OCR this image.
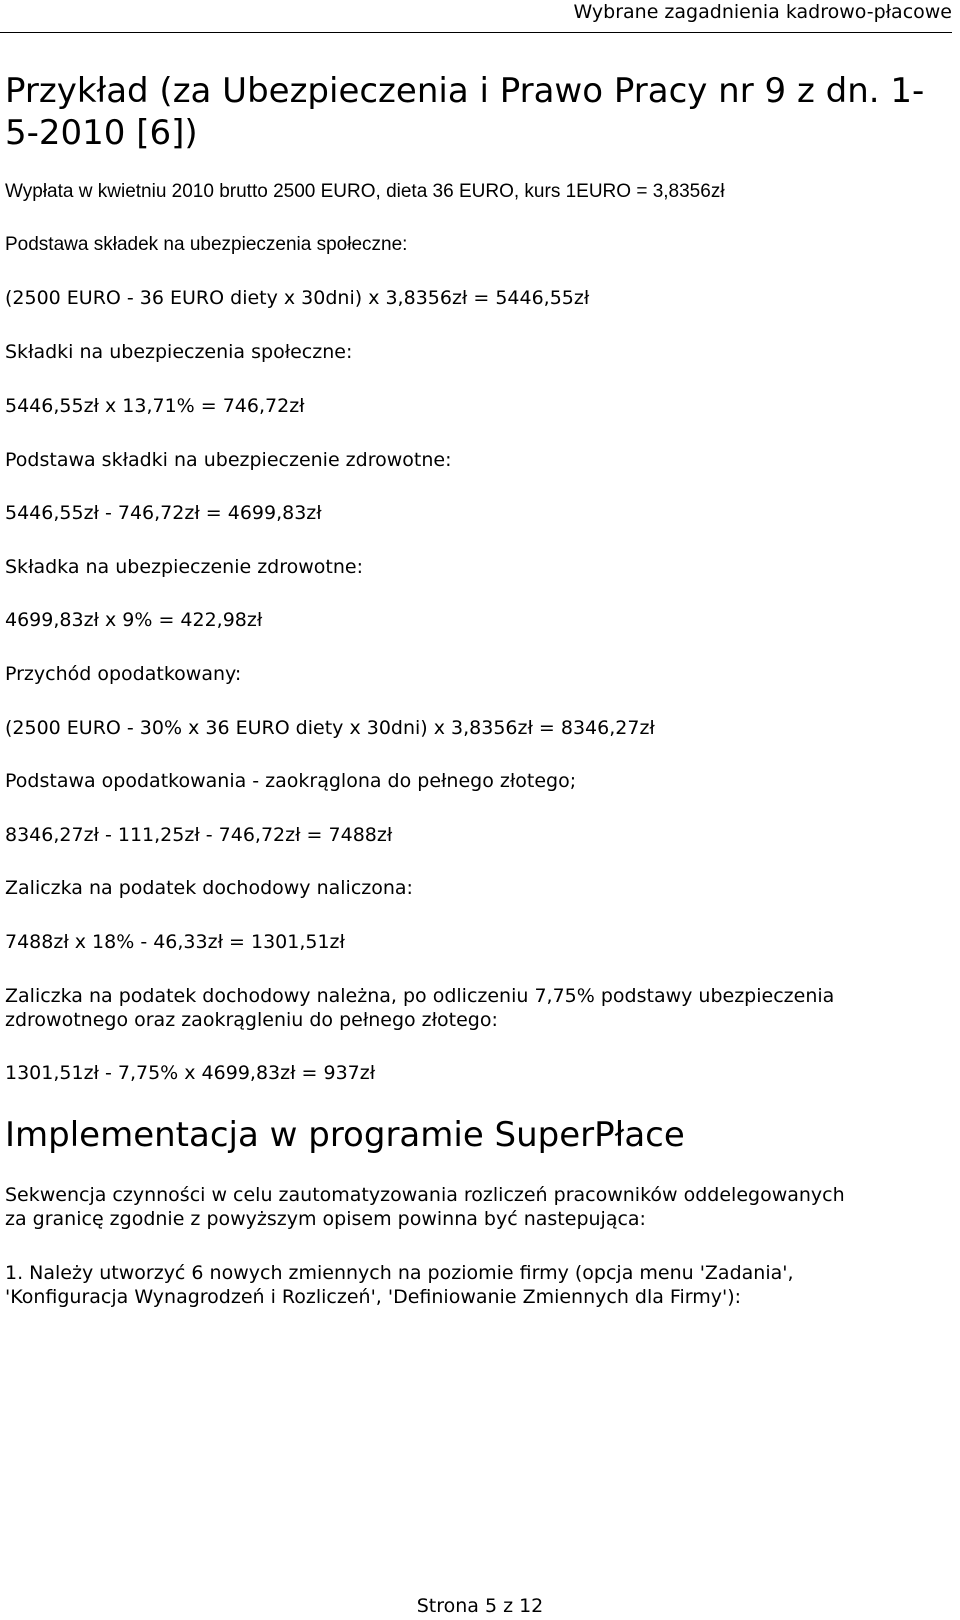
Wybrane zagadnienia kadrowo-płacowe
Przykład (za Ubezpieczenia i Prawo Pracy nr 9 z dn. 1-
5-2010 [6])

Wypłata w kwietniu 2010 brutto 2500 EURO, dieta 36 EURO, kurs 1EURO = 3,8356zł

Podstawa składek na ubezpieczenia społeczne:

(2500 EURO - 36 EURO diety x 30dni) x 3,8356zł = 5446,55zł

Składki na ubezpieczenia społeczne:

5446,55zł x 13,71% = 746,72zł

Podstawa składki na ubezpieczenie zdrowotne:

5446,55zł - 746,72zł = 4699,83zł

Składka na ubezpieczenie zdrowotne:

4699,83zł x 9% = 422,98zł

Przychód opodatkowany:

(2500 EURO - 30% x 36 EURO diety x 30dni) x 3,8356zł = 8346,27zł

Podstawa opodatkowania - zaokrąglona do pełnego złotego;

8346,27zł - 111,25zł - 746,72zł = 7488zł

Zaliczka na podatek dochodowy naliczona:

7488zł x 18% - 46,33zł = 1301,51zł

Zaliczka na podatek dochodowy należna, po odliczeniu 7,75% podstawy ubezpieczenia

zdrowotnego oraz zaokrągleniu do pełnego złotego:

1301,51zł - 7,75% x 4699,83zł = 937zł

Implementacja w programie SuperPłace

Sekwencja czynności w celu zautomatyzowania rozliczeń pracowników oddelegowanych

za granicę zgodnie z powyższym opisem powinna być nastepująca:

1. Należy utworzyć 6 nowych zmiennych na poziomie firmy (opcja menu 'Zadania',

'Konfiguracja Wynagrodzeń i Rozliczeń', 'Definiowanie Zmiennych dla Firmy'):

Strona 5 z 12
